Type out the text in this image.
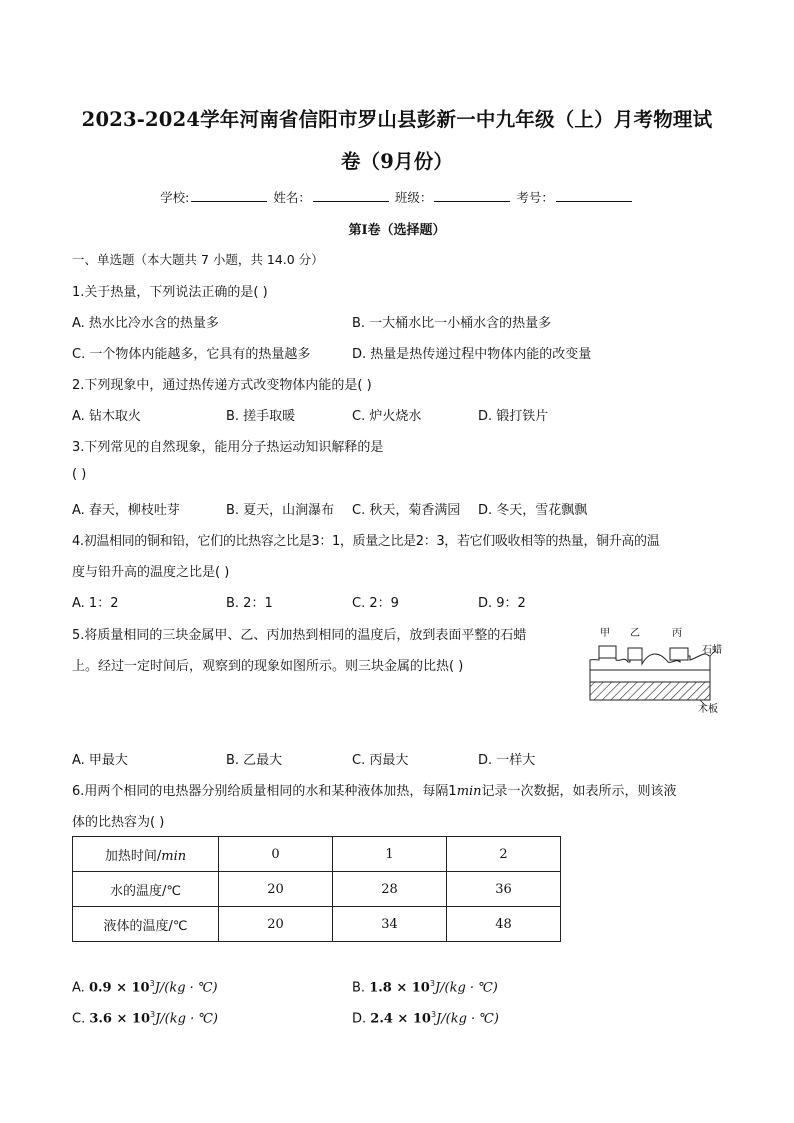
2023-2024学年河南省信阳市罗山县彭新一中九年级（上）月考物理试
卷（9月份）
学校:	姓名：	班级：	考号：
第Ⅰ卷（选择题）
一、单选题（本大题共 7 小题，共 14.0 分）
1.关于热量，下列说法正确的是( )
A. 热水比冷水含的热量多	B. 一大桶水比一小桶水含的热量多
C. 一个物体内能越多，它具有的热量越多	D. 热量是热传递过程中物体内能的改变量
2.下列现象中，通过热传递方式改变物体内能的是( )
A. 钻木取火	B. 搓手取暖	C. 炉火烧水	D. 锻打铁片
3.下列常见的自然现象，能用分子热运动知识解释的是
( )
A. 春天，柳枝吐芽	B. 夏天，山涧瀑布 C. 秋天，菊香满园 D. 冬天，雪花飘飘
4.初温相同的铜和铅，它们的比热容之比是3：1，质量之比是2：3，若它们吸收相等的热量，铜升高的温
度与铅升高的温度之比是( )
A. 1：2	B. 2：1	C. 2：9	D. 9：2
5.将质量相同的三块金属甲、乙、丙加热到相同的温度后，放到表面平整的石蜡
上。经过一定时间后，观察到的现象如图所示。则三块金属的比热( )
甲 乙	丙
石蜡
木板
A. 甲最大	B. 乙最大	C. 丙最大	D. 一样大
6.用两个相同的电热器分别给质量相同的水和某种液体加热，每隔1min记录一次数据，如表所示，则该液
体的比热容为( )
加热时间/min	0	1	2
水的温度/℃	20	28	36
液体的温度/℃	20	34	48
A. $0.9 \times 10^3J/(kg$ · ℃)	B. $1.8 \times 10^3J/(kg$ · ℃)
C. $3.6 \times 10^3J/(kg$ · ℃)	D. $2.4 \times 10^3J/(kg$ · ℃)
